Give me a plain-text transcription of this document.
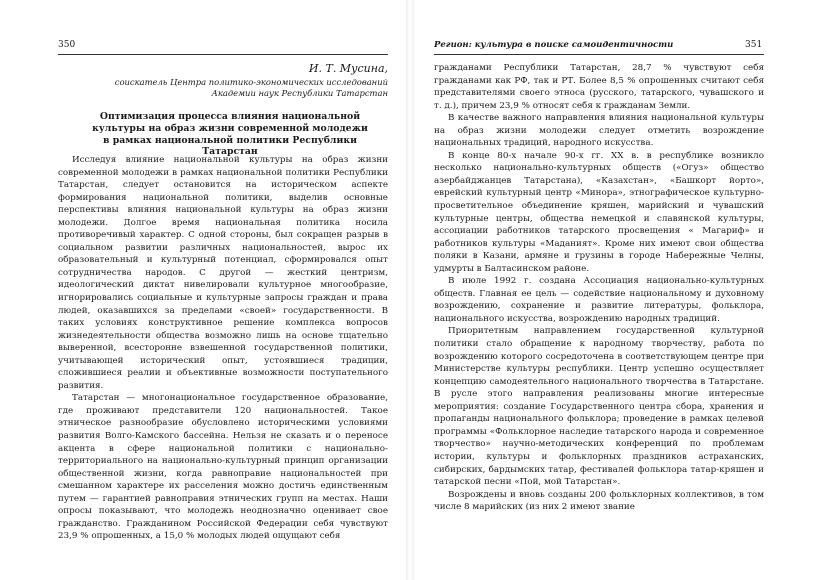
350
И. Т. Мусина,
соискатель Центра политико-экономических исследований Академии наук Республики Татарстан
Оптимизация процесса влияния национальной культуры на образ жизни современной молодежи в рамках национальной политики Республики Татарстан

Исследуя влияние национальной культуры на образ жизни современной молодежи в рамках национальной политики Республики Татарстан, следует остановится на историческом аспекте формирования национальной политики, выделив основные перспективы влияния национальной культуры на образ жизни молодежи. Долгое время национальная политика носила противоречивый характер. С одной стороны, был сокращен разрыв в социальном развитии различных национальностей, вырос их образовательный и культурный потенциал, сформировался опыт сотрудничества народов. С другой — жесткий центризм, идеологический диктат нивелировали культурное многообразие, игнорировались социальные и культурные запросы граждан и права людей, оказавшихся за пределами «своей» государственности. В таких условиях конструктивное решение комплекса вопросов жизнедеятельности общества возможно лишь на основе тщательно выверенной, всесторонне взвешенной государственной политики, учитывающей исторический опыт, устоявшиеся традиции, сложившиеся реалии и объективные возможности поступательного развития.

Татарстан — многонациональное государственное образование, где проживают представители 120 национальностей. Такое этническое разнообразие обусловлено историческими условиями развития Волго-Камского бассейна. Нельзя не сказать и о переносе акцента в сфере национальной политики с национально-территориального на национально-культурный принцип организации общественной жизни, когда равноправие национальностей при смешанном характере их расселения можно достичь единственным путем — гарантией равноправия этнических групп на местах. Наши опросы показывают, что молодежь неоднозначно оценивает свое гражданство. Гражданином Российской Федерации себя чувствуют 23,9 % опрошенных, а 15,0 % молодых людей ощущают себя

Регион: культура в поиске самоидентичности	351

гражданами Республики Татарстан, 28,7 % чувствуют себя гражданами как РФ, так и РТ. Более 8,5 % опрошенных считают себя представителями своего этноса (русского, татарского, чувашского и т. д.), причем 23,9 % относят себя к гражданам Земли.

В качестве важного направления влияния национальной культуры на образ жизни молодежи следует отметить возрождение национальных традиций, народного искусства.

В конце 80-х начале 90-х гг. XX в. в республике возникло несколько национально-культурных обществ («Огуз» общество азербайджанцев Татарстана), «Казахстан», «Башкорт йорто», еврейский культурный центр «Минора», этнографическое культурно-просветительное объединение кряшен, марийский и чувашский культурные центры, общества немецкой и славянской культуры, ассоциации работников татарского просвещения « Магариф» и работников культуры «Маданият». Кроме них имеют свои общества поляки в Казани, армяне и грузины в городе Набережные Челны, удмурты в Балтасинском районе.

В июле 1992 г. создана Ассоциация национально-культурных обществ. Главная ее цель — содействие национальному и духовному возрождению, сохранение и развитие литературы, фольклора, национального искусства, возрождению народных традиций.

Приоритетным направлением государственной культурной политики стало обращение к народному творчеству, работа по возрождению которого сосредоточена в соответствующем центре при Министерстве культуры республики. Центр успешно осуществляет концепцию самодеятельного национального творчества в Татарстане. В русле этого направления реализованы многие интересные мероприятия: создание Государственного центра сбора, хранения и пропаганды национального фольклора; проведение в рамках целевой программы «Фольклорное наследие татарского народа и современное творчество» научно-методических конференций по проблемам истории, культуры и фольклорных праздников астраханских, сибирских, бардымских татар, фестивалей фольклора татар-кряшен и татарской песни «Пой, мой Татарстан».

Возрождены и вновь созданы 200 фольклорных коллективов, в том числе 8 марийских (из них 2 имеют звание
